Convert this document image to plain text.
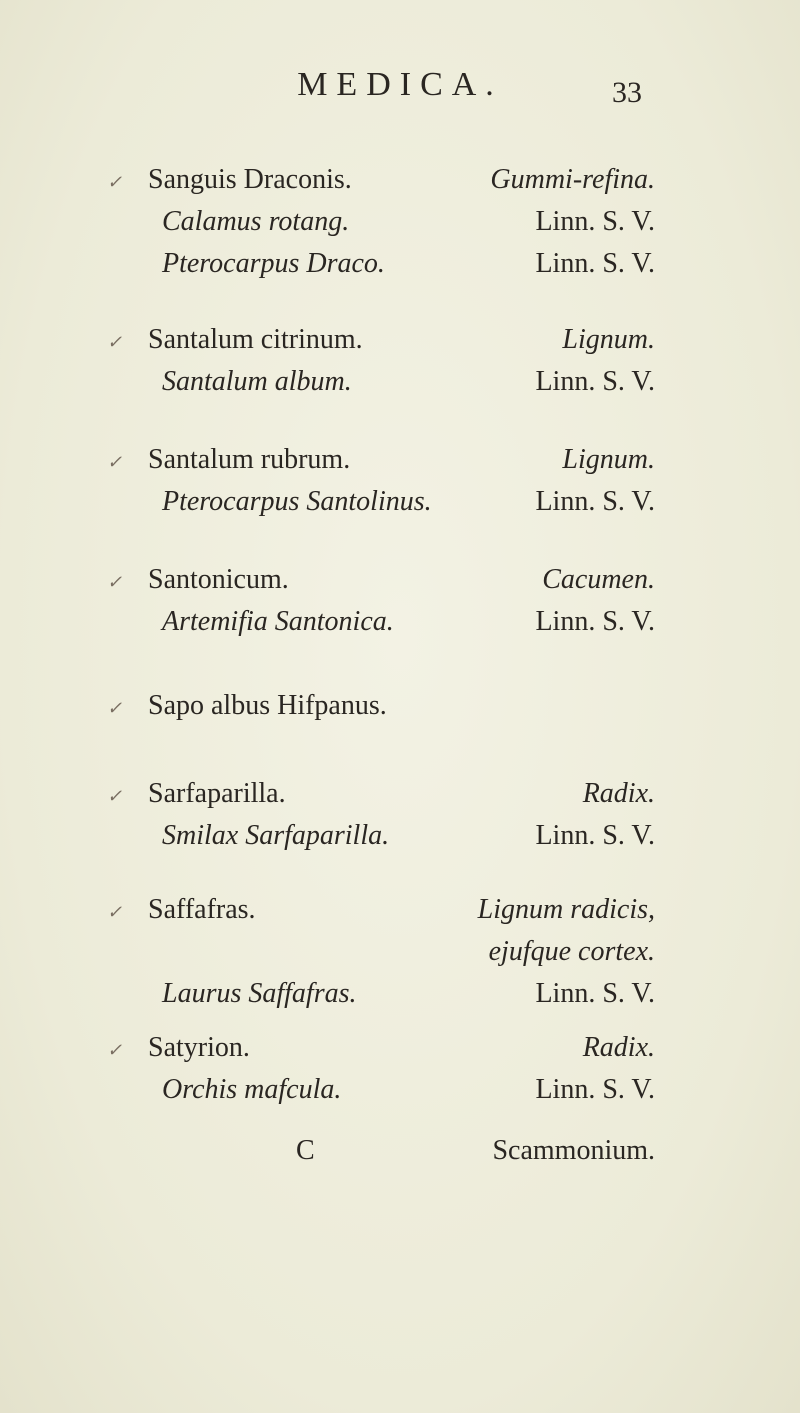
MEDICA.	33
✓ Sanguis Draconis.	Gummi-refina.
Calamus rotang.	Linn. S. V.
Pterocarpus Draco.	Linn. S. V.
✓ Santalum citrinum.	Lignum.
Santalum album.	Linn. S. V.
✓ Santalum rubrum.	Lignum.
Pterocarpus Santolinus.	Linn. S. V.
✓ Santonicum.	Cacumen.
Artemifia Santonica.	Linn. S. V.
✓ Sapo albus Hifpanus.
✓ Sarfaparilla.	Radix.
Smilax Sarfaparilla.	Linn. S. V.
✓ Saffafras.	Lignum radicis,
ejufque cortex.
Laurus Saffafras.	Linn. S. V.
✓ Satyrion.	Radix.
Orchis mafcula.	Linn. S. V.
C	Scammonium.
